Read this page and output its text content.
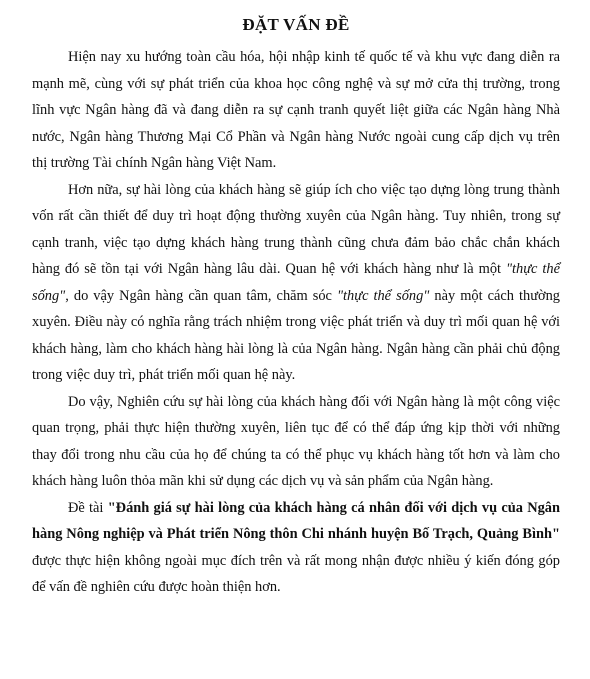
ĐẶT VẤN ĐỀ

Hiện nay xu hướng toàn cầu hóa, hội nhập kinh tế quốc tế và khu vực đang diễn ra mạnh mẽ, cùng với sự phát triển của khoa học công nghệ và sự mở cửa thị trường, trong lĩnh vực Ngân hàng đã và đang diễn ra sự cạnh tranh quyết liệt giữa các Ngân hàng Nhà nước, Ngân hàng Thương Mại Cổ Phần và Ngân hàng Nước ngoài cung cấp dịch vụ trên thị trường Tài chính Ngân hàng Việt Nam.

Hơn nữa, sự hài lòng của khách hàng sẽ giúp ích cho việc tạo dựng lòng trung thành vốn rất cần thiết để duy trì hoạt động thường xuyên của Ngân hàng. Tuy nhiên, trong sự cạnh tranh, việc tạo dựng khách hàng trung thành cũng chưa đảm bảo chắc chắn khách hàng đó sẽ tồn tại với Ngân hàng lâu dài. Quan hệ với khách hàng như là một "thực thể sống", do vậy Ngân hàng cần quan tâm, chăm sóc "thực thể sống" này một cách thường xuyên. Điều này có nghĩa rằng trách nhiệm trong việc phát triển và duy trì mối quan hệ với khách hàng, làm cho khách hàng hài lòng là của Ngân hàng. Ngân hàng cần phải chủ động trong việc duy trì, phát triển mối quan hệ này.

Do vậy, Nghiên cứu sự hài lòng của khách hàng đối với Ngân hàng là một công việc quan trọng, phải thực hiện thường xuyên, liên tục để có thể đáp ứng kịp thời với những thay đổi trong nhu cầu của họ để chúng ta có thể phục vụ khách hàng tốt hơn và làm cho khách hàng luôn thỏa mãn khi sử dụng các dịch vụ và sản phẩm của Ngân hàng.

Đề tài "Đánh giá sự hài lòng của khách hàng cá nhân đối với dịch vụ của Ngân hàng Nông nghiệp và Phát triển Nông thôn Chi nhánh huyện Bố Trạch, Quảng Bình" được thực hiện không ngoài mục đích trên và rất mong nhận được nhiều ý kiến đóng góp để vấn đề nghiên cứu được hoàn thiện hơn.
